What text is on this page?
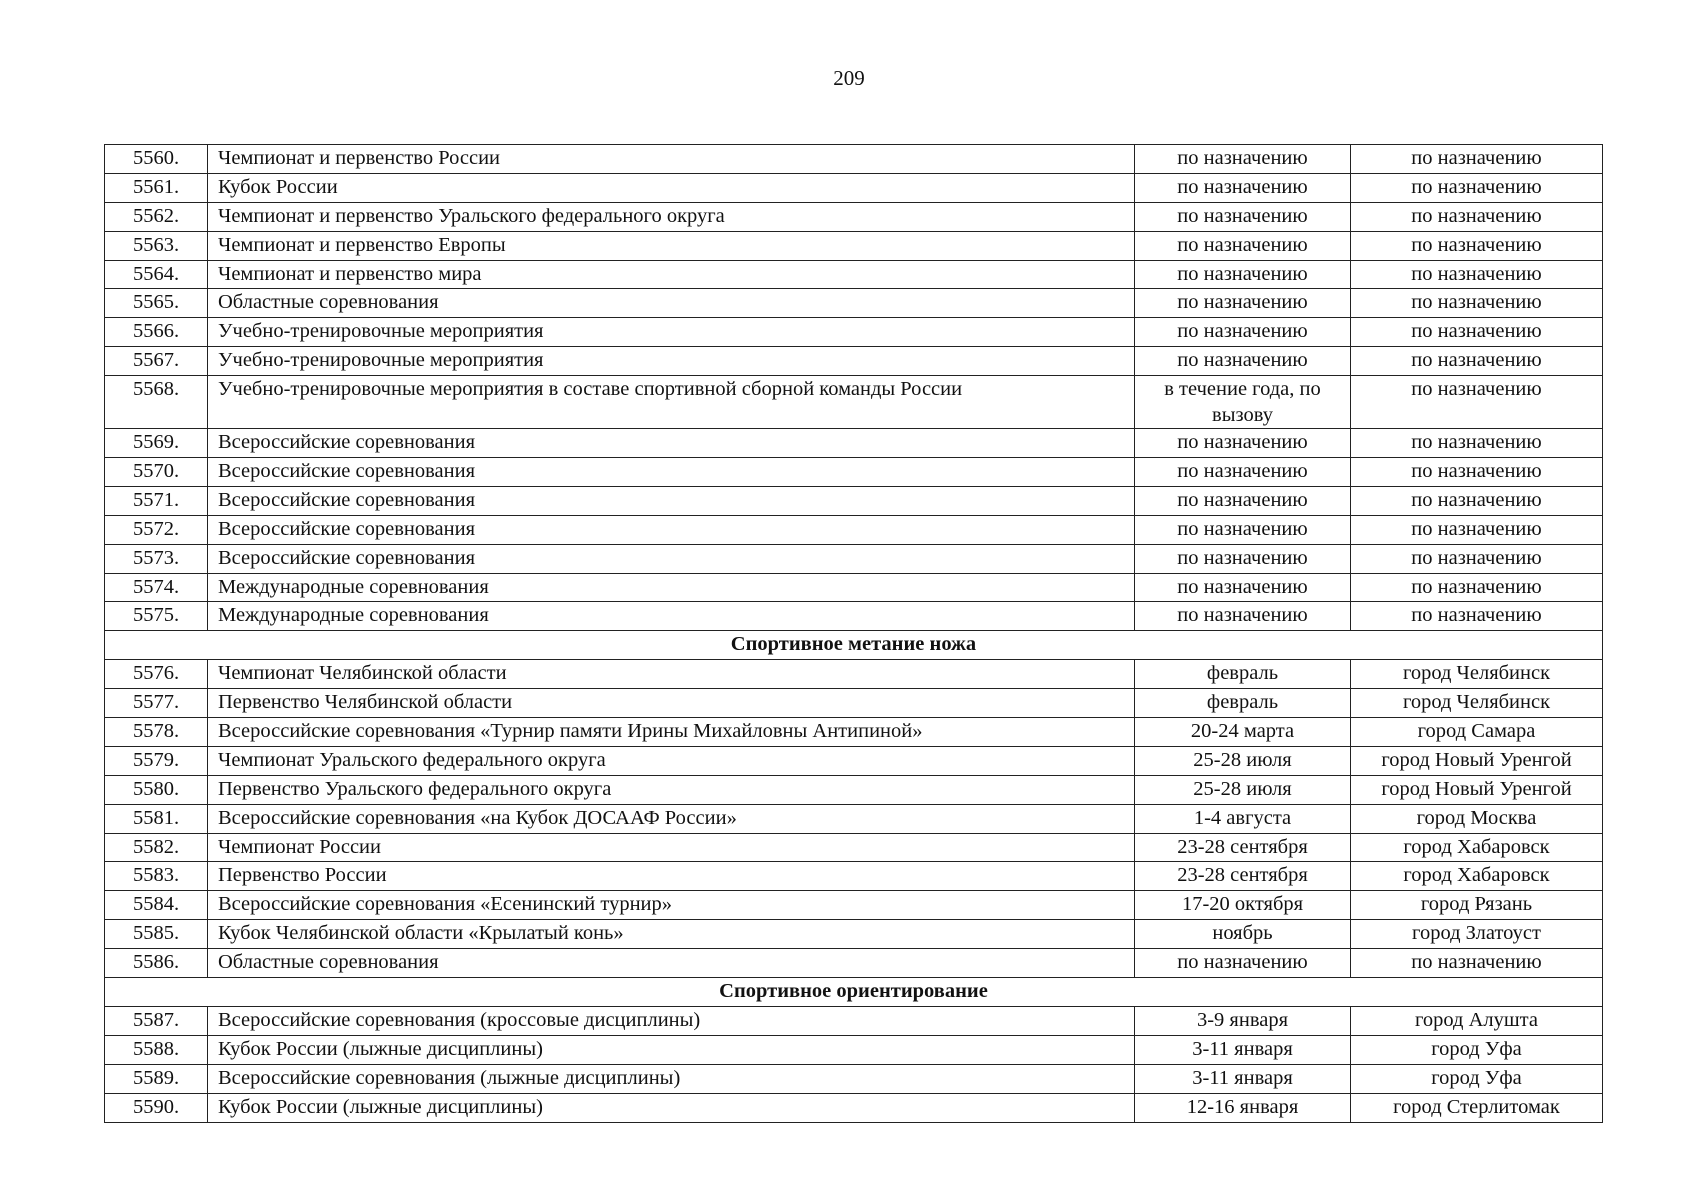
209
5560.	Чемпионат и первенство России	по назначению	по назначению
5561.	Кубок России	по назначению	по назначению
5562.	Чемпионат и первенство Уральского федерального округа	по назначению	по назначению
5563.	Чемпионат и первенство Европы	по назначению	по назначению
5564.	Чемпионат и первенство мира	по назначению	по назначению
5565.	Областные соревнования	по назначению	по назначению
5566.	Учебно-тренировочные мероприятия	по назначению	по назначению
5567.	Учебно-тренировочные мероприятия	по назначению	по назначению
5568.	Учебно-тренировочные мероприятия в составе спортивной сборной команды России	в течение года, по вызову	по назначению
5569.	Всероссийские соревнования	по назначению	по назначению
5570.	Всероссийские соревнования	по назначению	по назначению
5571.	Всероссийские соревнования	по назначению	по назначению
5572.	Всероссийские соревнования	по назначению	по назначению
5573.	Всероссийские соревнования	по назначению	по назначению
5574.	Международные соревнования	по назначению	по назначению
5575.	Международные соревнования	по назначению	по назначению
Спортивное метание ножа			
5576.	Чемпионат Челябинской области	февраль	город Челябинск
5577.	Первенство Челябинской области	февраль	город Челябинск
5578.	Всероссийские соревнования «Турнир памяти Ирины Михайловны Антипиной»	20-24 марта	город Самара
5579.	Чемпионат Уральского федерального округа	25-28 июля	город Новый Уренгой
5580.	Первенство Уральского федерального округа	25-28 июля	город Новый Уренгой
5581.	Всероссийские соревнования «на Кубок ДОСААФ России»	1-4 августа	город Москва
5582.	Чемпионат России	23-28 сентября	город Хабаровск
5583.	Первенство России	23-28 сентября	город Хабаровск
5584.	Всероссийские соревнования «Есенинский турнир»	17-20 октября	город Рязань
5585.	Кубок Челябинской области «Крылатый конь»	ноябрь	город Златоуст
5586.	Областные соревнования	по назначению	по назначению
Спортивное ориентирование			
5587.	Всероссийские соревнования (кроссовые дисциплины)	3-9 января	город Алушта
5588.	Кубок России (лыжные дисциплины)	3-11 января	город Уфа
5589.	Всероссийские соревнования (лыжные дисциплины)	3-11 января	город Уфа
5590.	Кубок России (лыжные дисциплины)	12-16 января	город Стерлитомак
